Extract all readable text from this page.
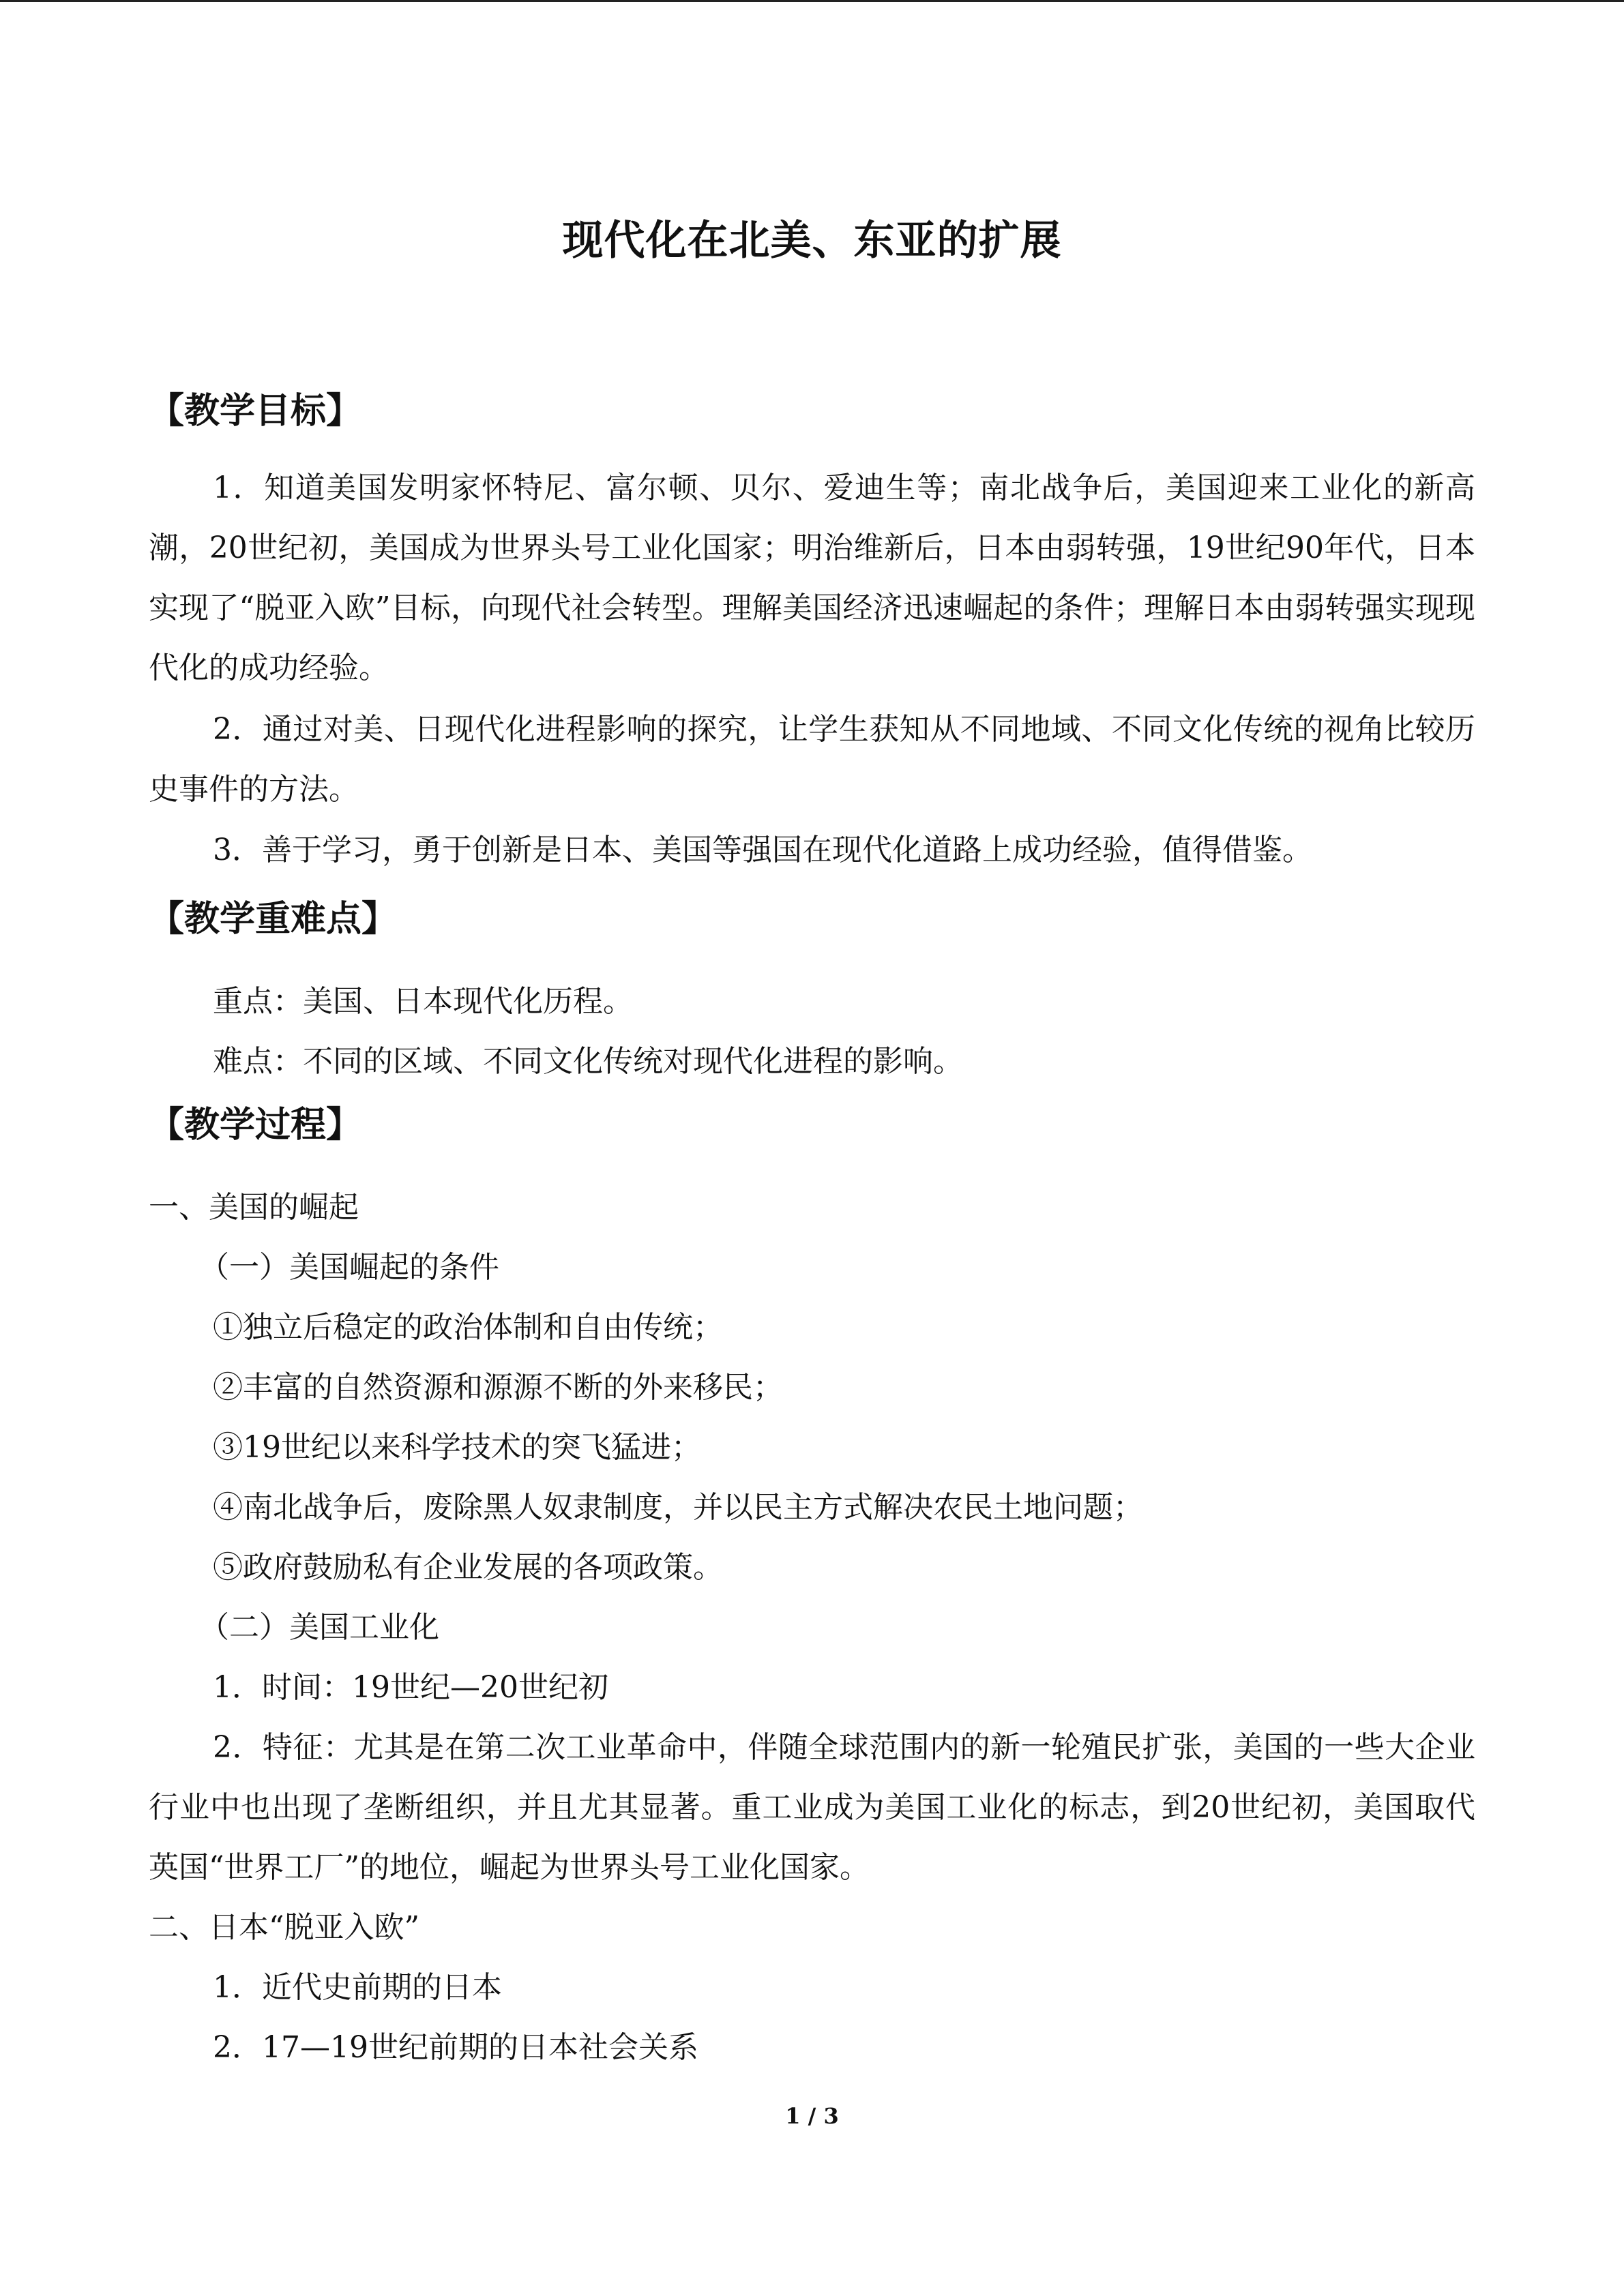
现代化在北美、东亚的扩展
【教学目标】

1．知道美国发明家怀特尼、富尔顿、贝尔、爱迪生等；南北战争后，美国迎来工业化的新高潮，20世纪初，美国成为世界头号工业化国家；明治维新后，日本由弱转强，19世纪90年代，日本实现了“脱亚入欧”目标，向现代社会转型。理解美国经济迅速崛起的条件；理解日本由弱转强实现现代化的成功经验。

2．通过对美、日现代化进程影响的探究，让学生获知从不同地域、不同文化传统的视角比较历史事件的方法。

3．善于学习，勇于创新是日本、美国等强国在现代化道路上成功经验，值得借鉴。

【教学重难点】
重点：美国、日本现代化历程。
难点：不同的区域、不同文化传统对现代化进程的影响。
【教学过程】
一、美国的崛起
（一）美国崛起的条件
①独立后稳定的政治体制和自由传统；
②丰富的自然资源和源源不断的外来移民；
③19世纪以来科学技术的突飞猛进；
④南北战争后，废除黑人奴隶制度，并以民主方式解决农民土地问题；
⑤政府鼓励私有企业发展的各项政策。
（二）美国工业化
1．时间：19世纪—20世纪初

2．特征：尤其是在第二次工业革命中，伴随全球范围内的新一轮殖民扩张，美国的一些大企业行业中也出现了垄断组织，并且尤其显著。重工业成为美国工业化的标志，到20世纪初，美国取代英国“世界工厂”的地位，崛起为世界头号工业化国家。

二、日本“脱亚入欧”
1．近代史前期的日本
2．17—19世纪前期的日本社会关系
1 / 3
